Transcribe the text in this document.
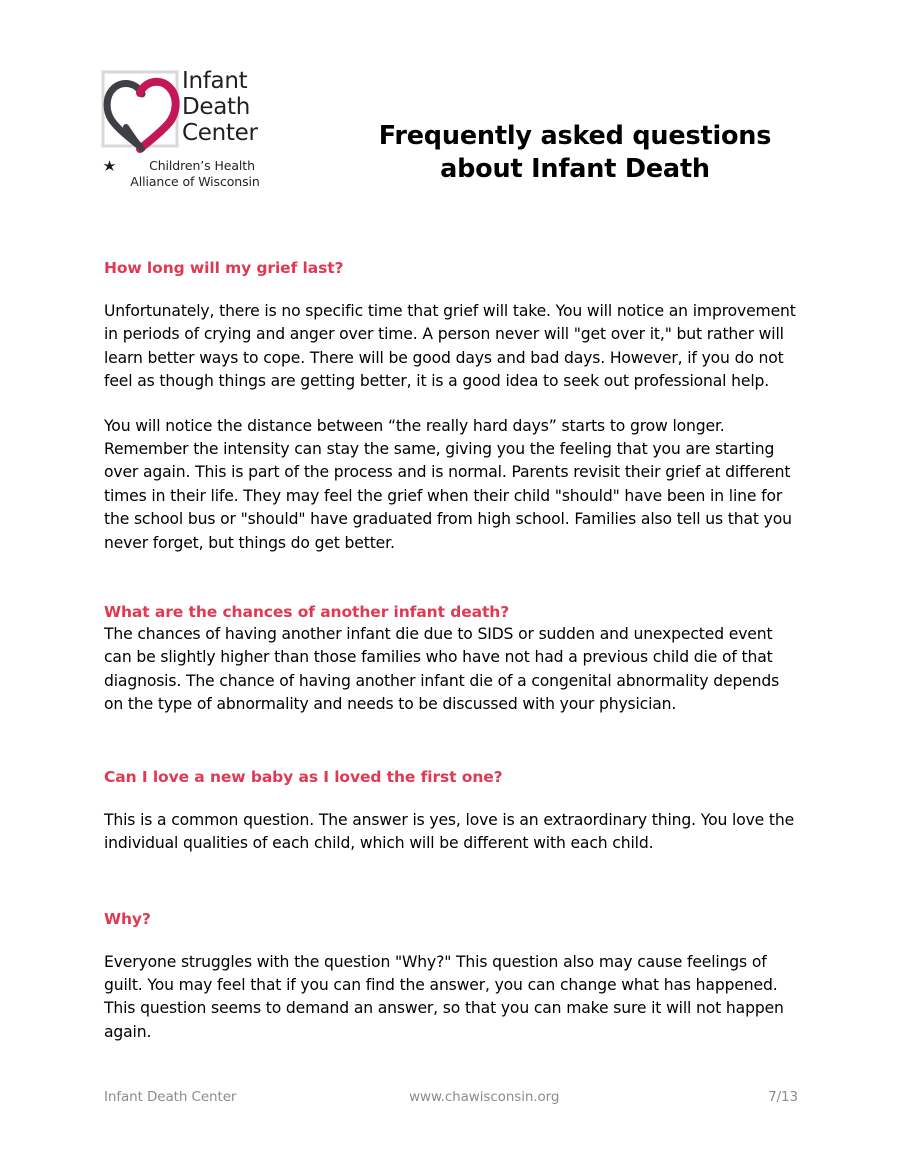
Infant
Death
Center
Children’s Health
Alliance of Wisconsin
Frequently asked questions
about Infant Death

How long will my grief last?

Unfortunately, there is no specific time that grief will take. You will notice an improvement in periods of crying and anger over time. A person never will "get over it," but rather will learn better ways to cope. There will be good days and bad days. However, if you do not feel as though things are getting better, it is a good idea to seek out professional help.

You will notice the distance between “the really hard days” starts to grow longer. Remember the intensity can stay the same, giving you the feeling that you are starting over again. This is part of the process and is normal. Parents revisit their grief at different times in their life. They may feel the grief when their child "should" have been in line for the school bus or "should" have graduated from high school. Families also tell us that you never forget, but things do get better.

What are the chances of another infant death?

The chances of having another infant die due to SIDS or sudden and unexpected event can be slightly higher than those families who have not had a previous child die of that diagnosis. The chance of having another infant die of a congenital abnormality depends on the type of abnormality and needs to be discussed with your physician.

Can I love a new baby as I loved the first one?

This is a common question. The answer is yes, love is an extraordinary thing. You love the individual qualities of each child, which will be different with each child.

Why?

Everyone struggles with the question "Why?" This question also may cause feelings of guilt. You may feel that if you can find the answer, you can change what has happened. This question seems to demand an answer, so that you can make sure it will not happen again.

Infant Death Center	www.chawisconsin.org	7/13
